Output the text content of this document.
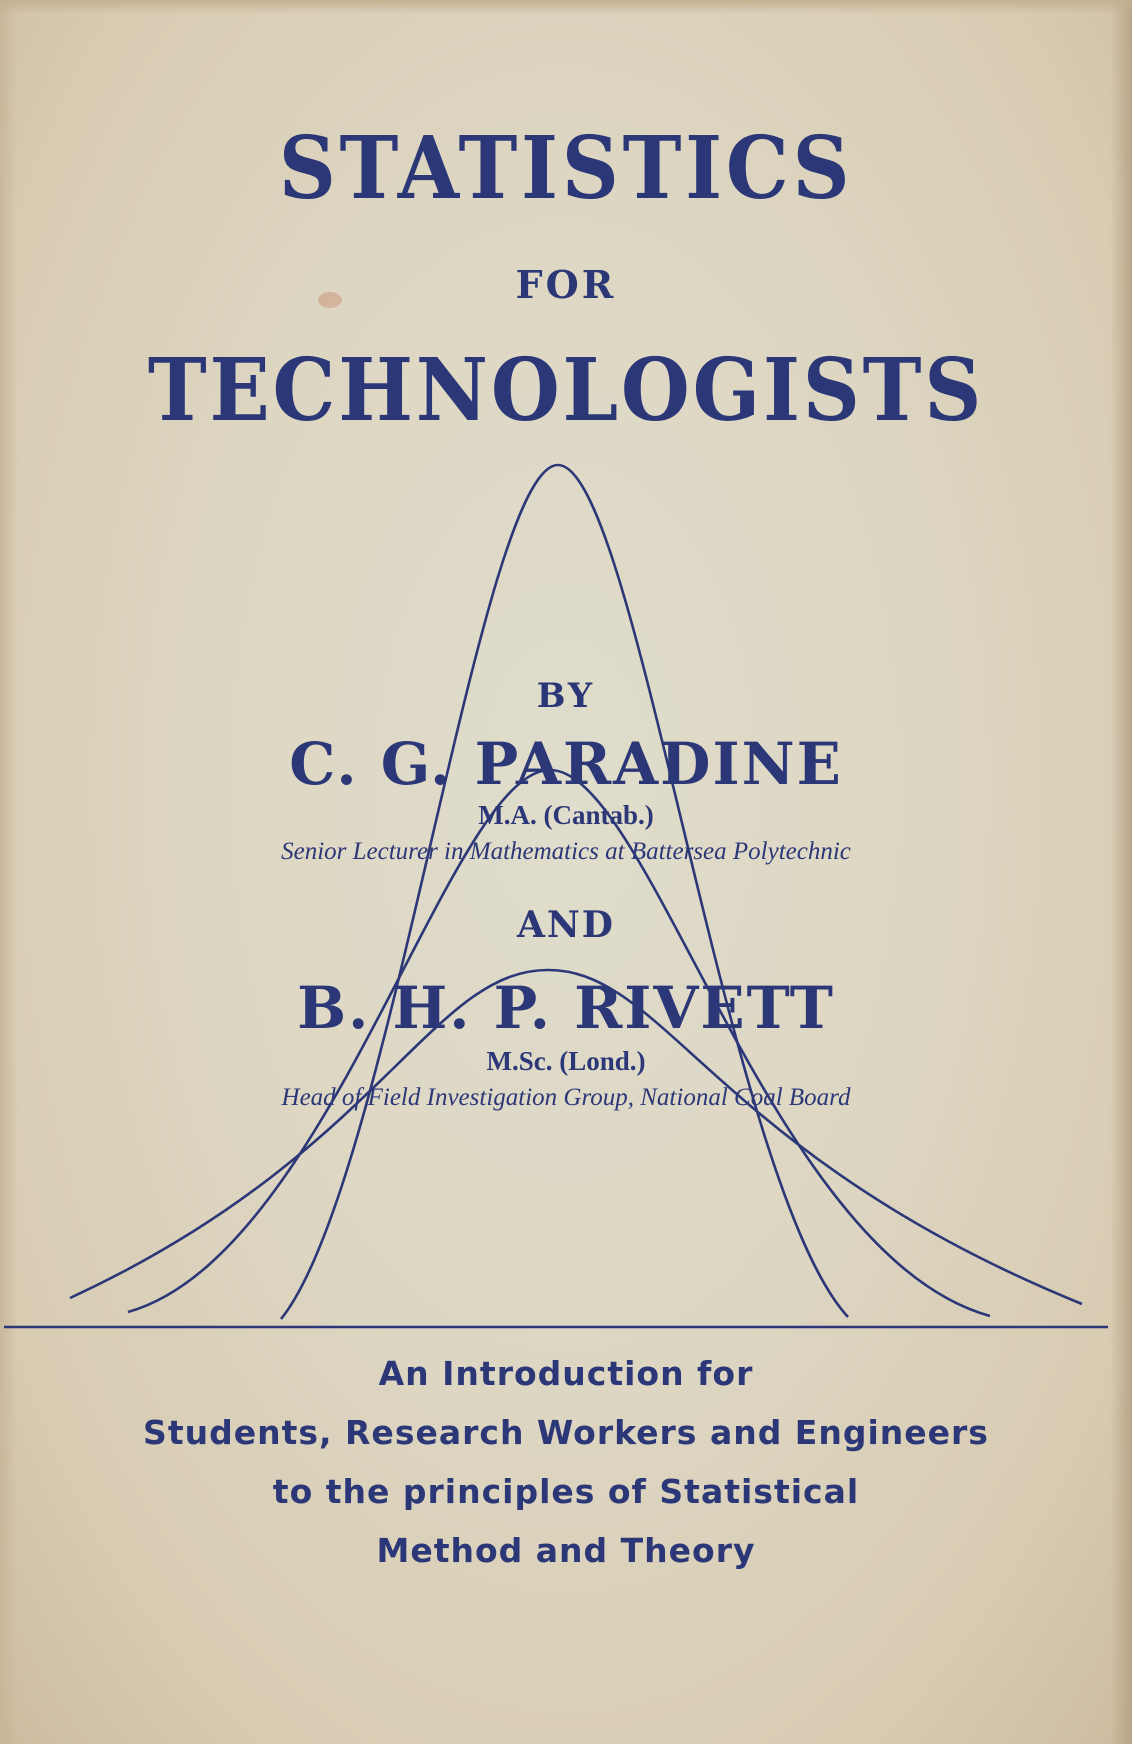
STATISTICS
FOR
TECHNOLOGISTS
BY
C. G. PARADINE
M.A. (Cantab.)
Senior Lecturer in Mathematics at Battersea Polytechnic
AND
B. H. P. RIVETT
M.Sc. (Lond.)
Head of Field Investigation Group, National Coal Board
An Introduction for
Students, Research Workers and Engineers
to the principles of Statistical
Method and Theory
